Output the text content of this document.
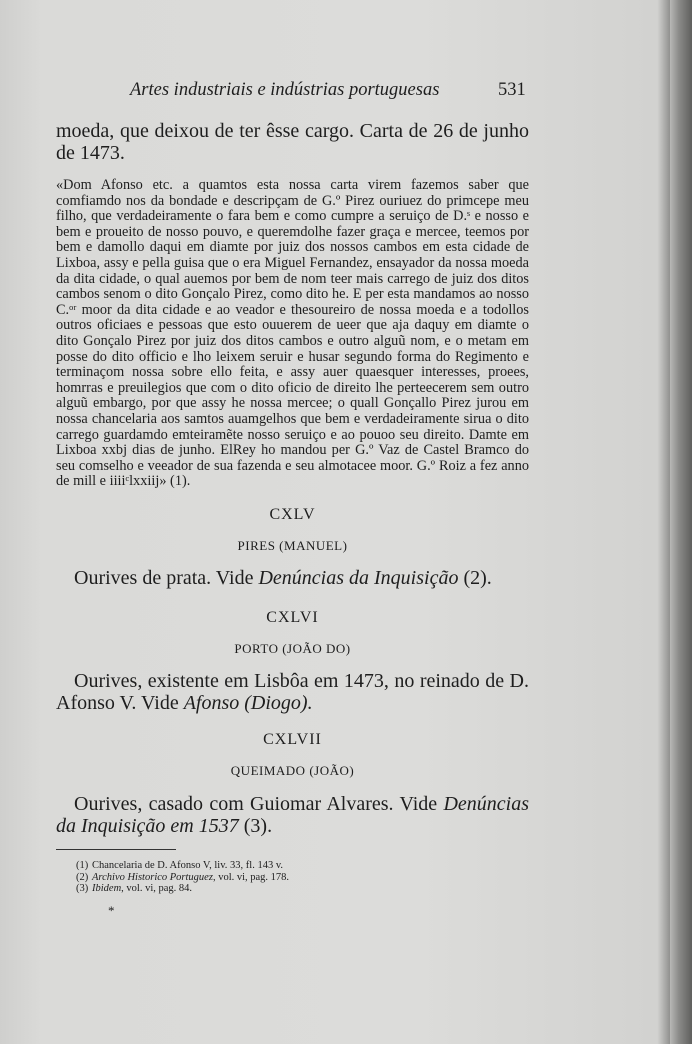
Artes industriais e indústrias portuguesas	531
moeda, que deixou de ter êsse cargo. Carta de 26 de junho de 1473.
«Dom Afonso etc. a quamtos esta nossa carta virem fazemos saber que comfiamdo nos da bondade e descripçam de G.º Pirez ouriuez do primcepe meu filho, que verdadeiramente o fara bem e como cumpre a seruiço de D.ˢ e nosso e bem e proueito de nosso pouvo, e queremdolhe fazer graça e mercee, teemos por bem e damollo daqui em diamte por juiz dos nossos cambos em esta cidade de Lixboa, assy e pella guisa que o era Miguel Fernandez, ensayador da nossa moeda da dita cidade, o qual auemos por bem de nom teer mais carrego de juiz dos ditos cambos senom o dito Gonçalo Pirez, como dito he. E per esta mandamos ao nosso C.ᵒʳ moor da dita cidade e ao veador e thesoureiro de nossa moeda e a todollos outros oficiaes e pessoas que esto ouuerem de ueer que aja daquy em diamte o dito Gonçalo Pirez por juiz dos ditos cambos e outro alguũ nom, e o metam em posse do dito officio e lho leixem seruir e husar segundo forma do Regimento e terminaçom nossa sobre ello feita, e assy auer quaesquer interesses, proees, homrras e preuilegios que com o dito oficio de direito lhe perteecerem sem outro alguũ embargo, por que assy he nossa mercee; o quall Gonçallo Pirez jurou em nossa chancelaria aos samtos auamgelhos que bem e verdadeiramente sirua o dito carrego guardamdo emteiramẽte nosso seruiço e ao pouoo seu direito. Damte em Lixboa xxbj dias de junho. ElRey ho mandou per G.º Vaz de Castel Bramco do seu comselho e veeador de sua fazenda e seu almotacee moor. G.º Roiz a fez anno de mill e iiiiᶜlxxiij» (1).
CXLV
PIRES (MANUEL)
Ourives de prata. Vide Denúncias da Inquisição (2).
CXLVI
PORTO (JOÃO DO)
Ourives, existente em Lisbôa em 1473, no reinado de D. Afonso V. Vide Afonso (Diogo).
CXLVII
QUEIMADO (JOÃO)
Ourives, casado com Guiomar Alvares. Vide Denúncias da Inquisição em 1537 (3).
(1) Chancelaria de D. Afonso V, liv. 33, fl. 143 v.
(2) Archivo Historico Portuguez, vol. vi, pag. 178.
(3) Ibidem, vol. vi, pag. 84.
*
